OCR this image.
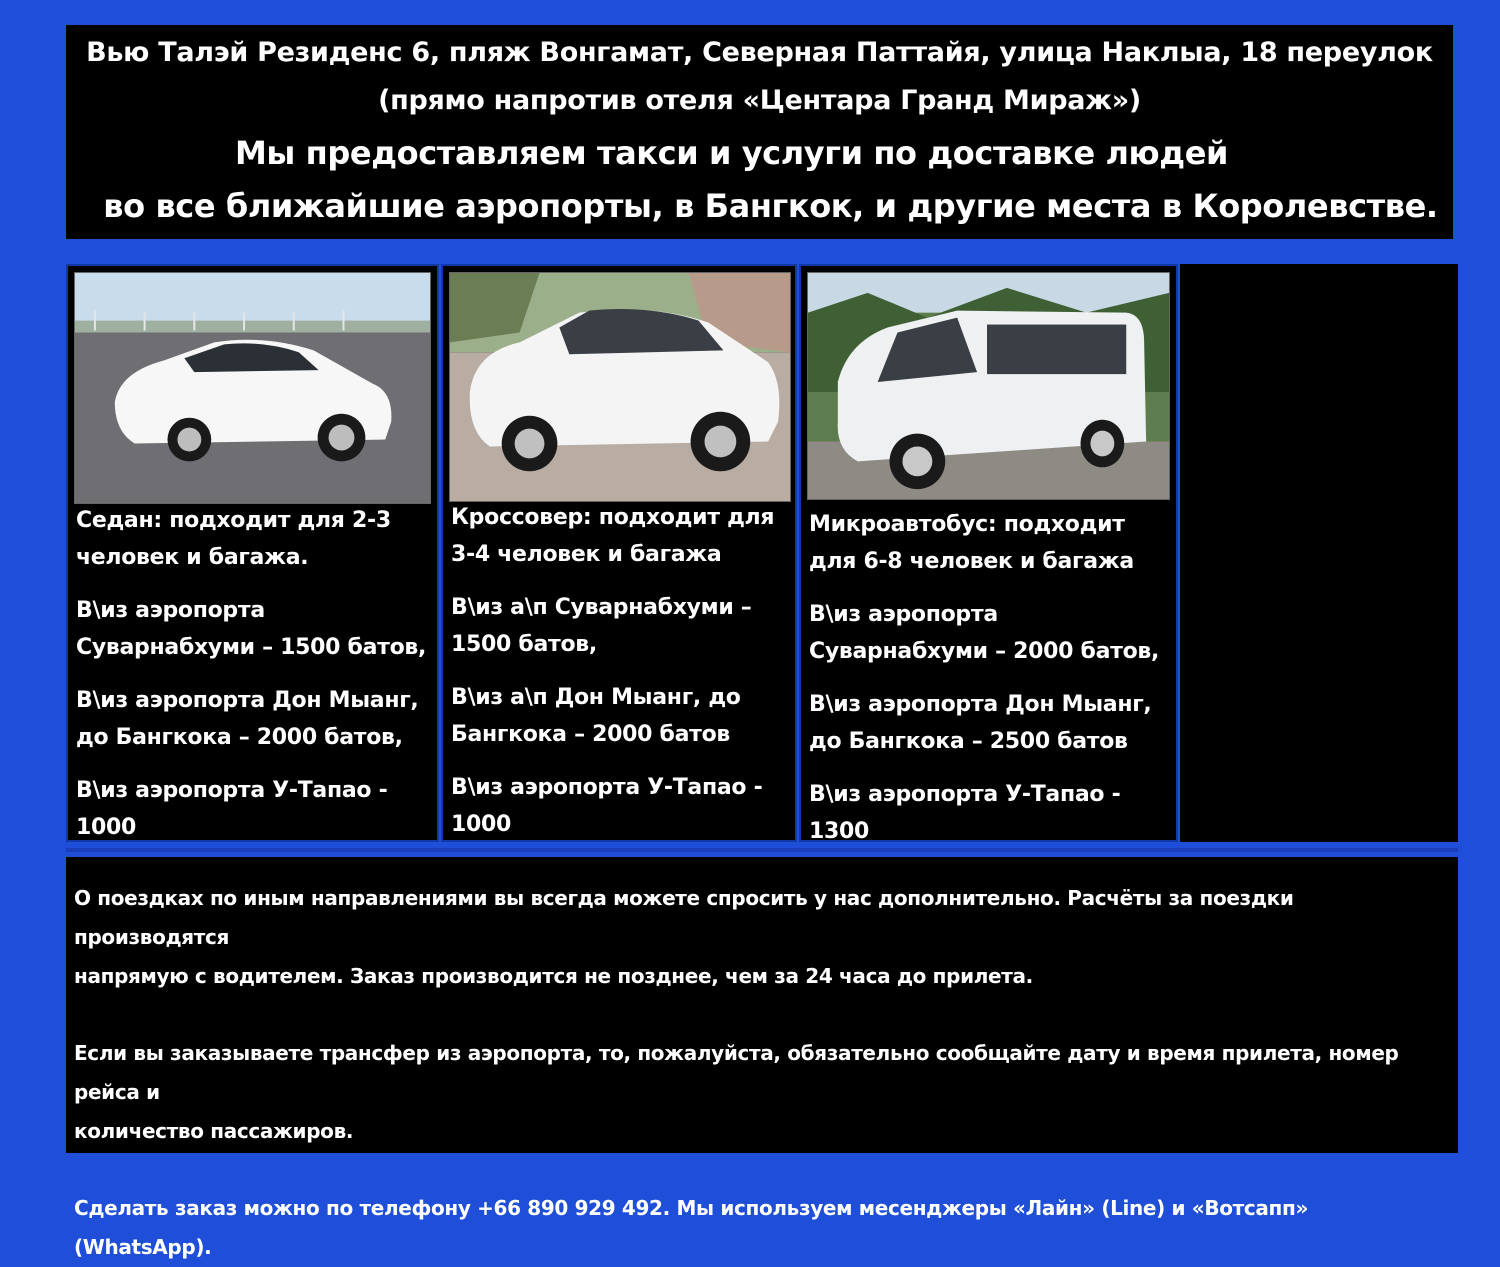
Вью Талэй Резиденс 6, пляж Вонгамат, Северная Паттайя, улица Наклыа, 18 переулок
(прямо напротив отеля «Центара Гранд Мираж»)
Мы предоставляем такси и услуги по доставке людей
во все ближайшие аэропорты, в Бангкок, и другие места в Королевстве.

Седан: подходит для 2-3

человек и багажа.

В\из аэропорта

Суварнабхуми – 1500 батов,

В\из аэропорта Дон Мыанг,

до Бангкока – 2000 батов,

В\из аэропорта У-Тапао -

1000

Кроссовер: подходит для

3-4 человек и багажа

В\из а\п Суварнабхуми –

1500 батов,

В\из а\п Дон Мыанг, до

Бангкока – 2000 батов

В\из аэропорта У-Тапао -

1000

Микроавтобус: подходит

для 6-8 человек и багажа

В\из аэропорта

Суварнабхуми – 2000 батов,

В\из аэропорта Дон Мыанг,

до Бангкока – 2500 батов

В\из аэропорта У-Тапао -

1300

О поездках по иным направлениями вы всегда можете спросить у нас дополнительно. Расчёты за поездки производятся
напрямую с водителем. Заказ производится не позднее, чем за 24 часа до прилета.

Если вы заказываете трансфер из аэропорта, то, пожалуйста, обязательно сообщайте дату и время прилета, номер рейса и
количество пассажиров.

Сделать заказ можно по телефону +66 890 929 492. Мы используем месенджеры «Лайн» (Line) и «Вотсапп» (WhatsApp).
